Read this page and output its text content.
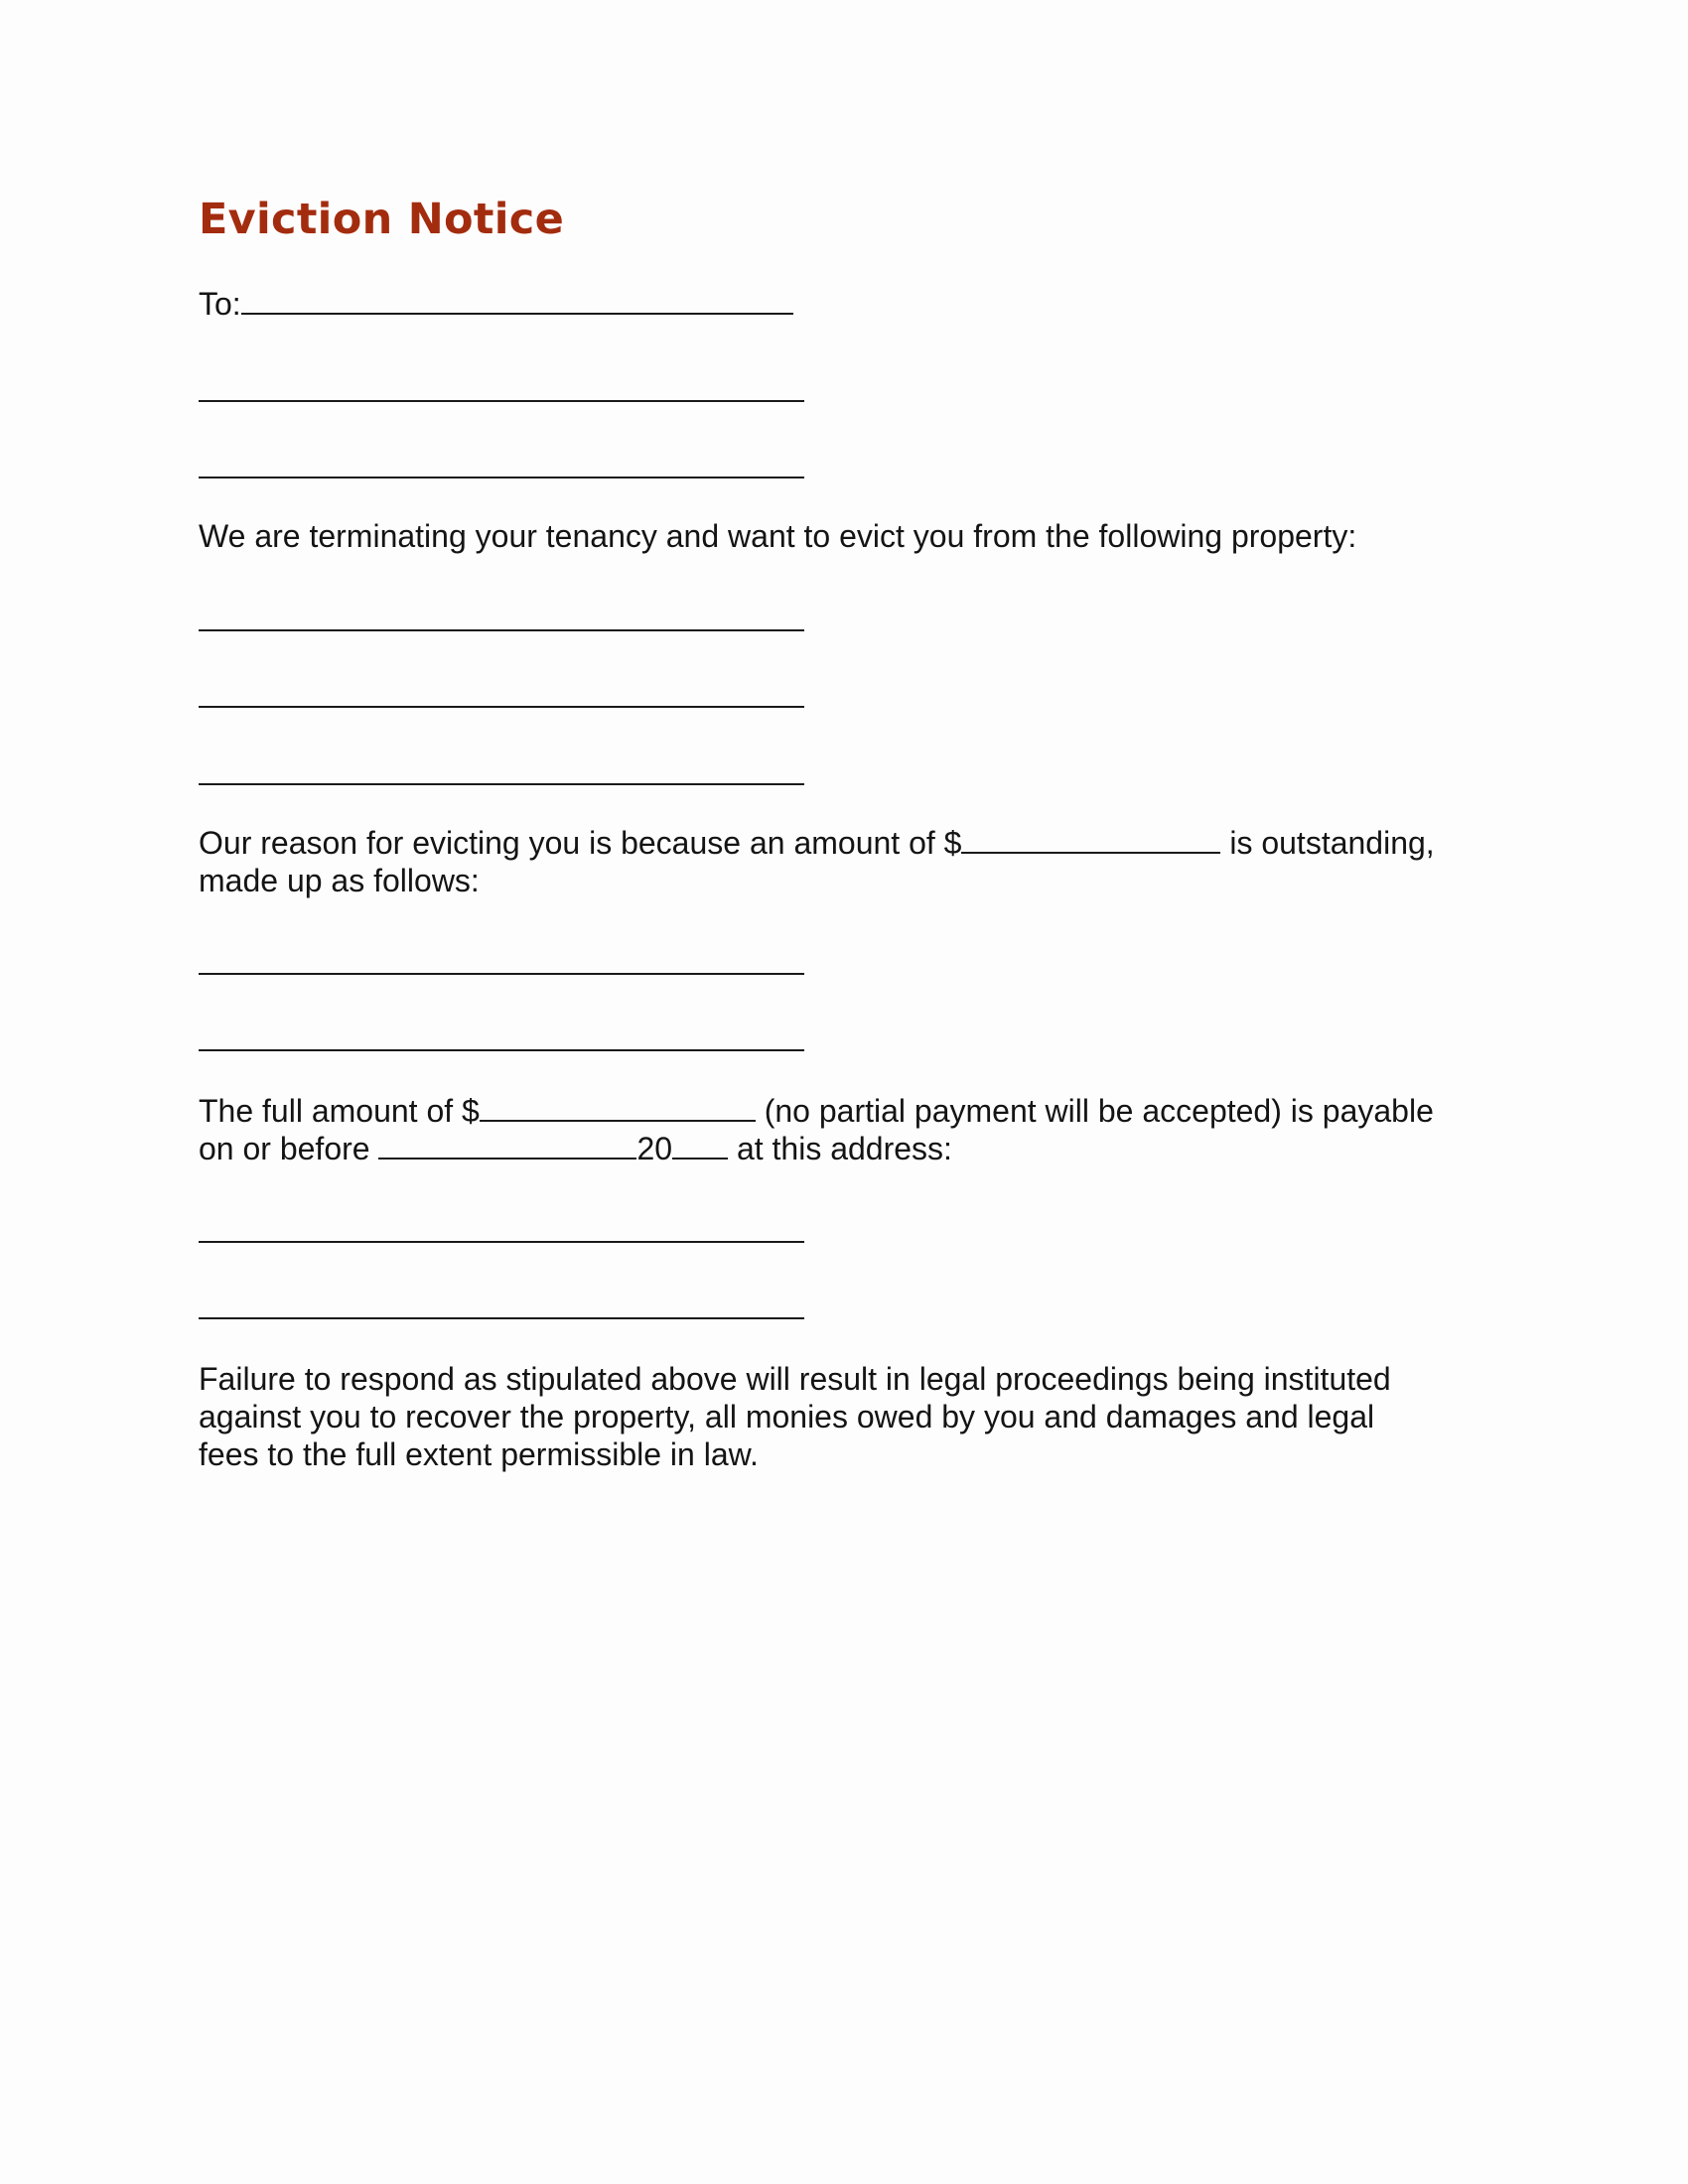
Eviction Notice
To:

We are terminating your tenancy and want to evict you from the following property:

Our reason for evicting you is because an amount of $	is outstanding,
made up as follows:
The full amount of $	(no partial payment will be accepted) is payable
on or before	20 at this address:
Failure to respond as stipulated above will result in legal proceedings being instituted
against you to recover the property, all monies owed by you and damages and legal
fees to the full extent permissible in law.
